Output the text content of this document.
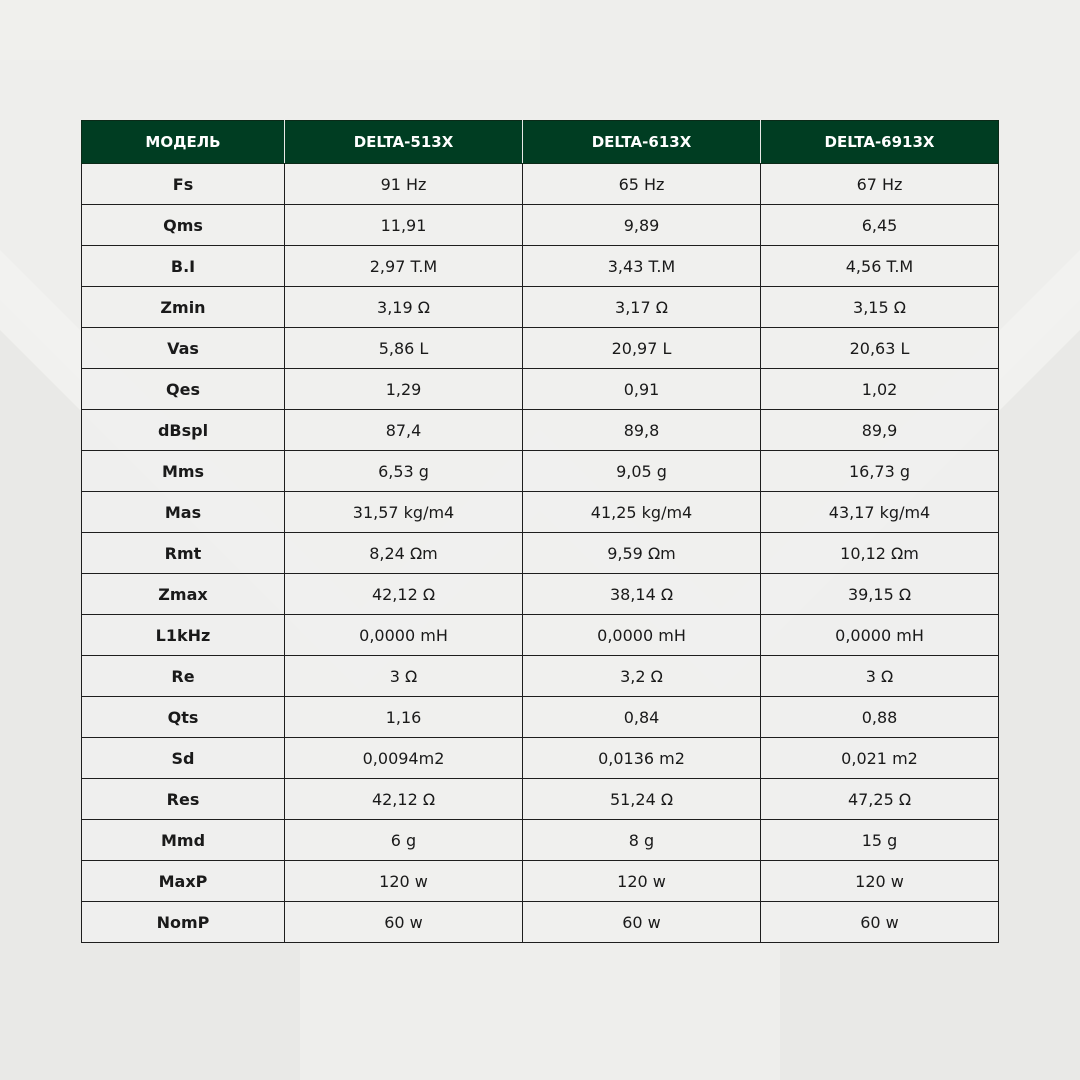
МОДЕЛЬ	DELTA-513X	DELTA-613X	DELTA-6913X
Fs	91 Hz	65 Hz	67 Hz
Qms	11,91	9,89	6,45
B.I	2,97 T.M	3,43 T.M	4,56 T.M
Zmin	3,19 Ω	3,17 Ω	3,15 Ω
Vas	5,86 L	20,97 L	20,63 L
Qes	1,29	0,91	1,02
dBspl	87,4	89,8	89,9
Mms	6,53 g	9,05 g	16,73 g
Mas	31,57 kg/m4	41,25 kg/m4	43,17 kg/m4
Rmt	8,24 Ωm	9,59 Ωm	10,12 Ωm
Zmax	42,12 Ω	38,14 Ω	39,15 Ω
L1kHz	0,0000 mH	0,0000 mH	0,0000 mH
Re	3 Ω	3,2 Ω	3 Ω
Qts	1,16	0,84	0,88
Sd	0,0094m2	0,0136 m2	0,021 m2
Res	42,12 Ω	51,24 Ω	47,25 Ω
Mmd	6 g	8 g	15 g
MaxP	120 w	120 w	120 w
NomP	60 w	60 w	60 w
